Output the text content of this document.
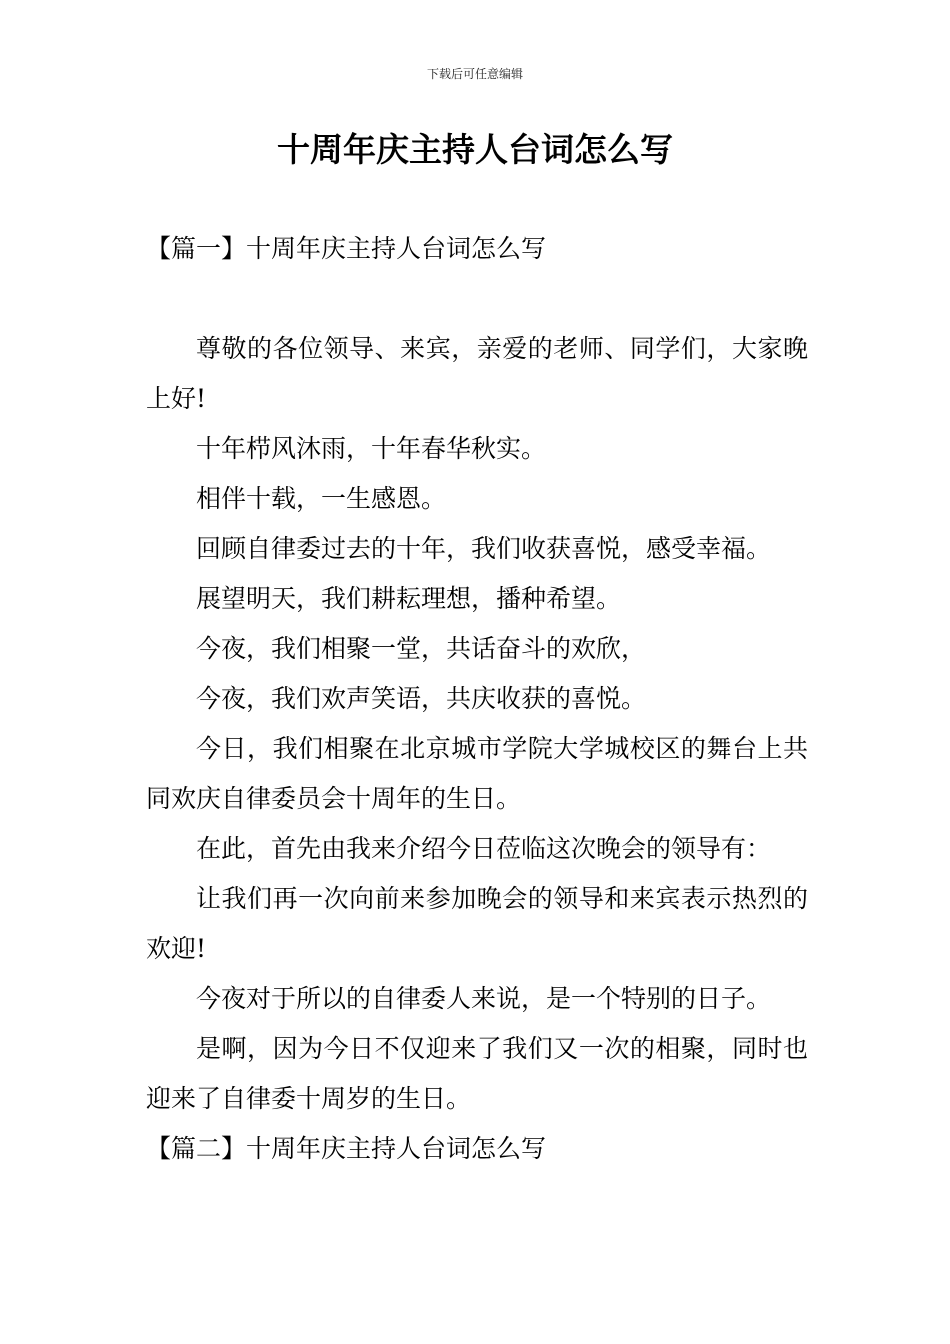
下载后可任意编辑
十周年庆主持人台词怎么写

【篇一】十周年庆主持人台词怎么写

尊敬的各位领导、来宾，亲爱的老师、同学们，大家晚上好!

十年栉风沐雨，十年春华秋实。

相伴十载，一生感恩。

回顾自律委过去的十年，我们收获喜悦，感受幸福。

展望明天，我们耕耘理想，播种希望。

今夜，我们相聚一堂，共话奋斗的欢欣，

今夜，我们欢声笑语，共庆收获的喜悦。

今日，我们相聚在北京城市学院大学城校区的舞台上共同欢庆自律委员会十周年的生日。

在此，首先由我来介绍今日莅临这次晚会的领导有：

让我们再一次向前来参加晚会的领导和来宾表示热烈的欢迎!

今夜对于所以的自律委人来说，是一个特别的日子。

是啊，因为今日不仅迎来了我们又一次的相聚，同时也迎来了自律委十周岁的生日。

【篇二】十周年庆主持人台词怎么写
